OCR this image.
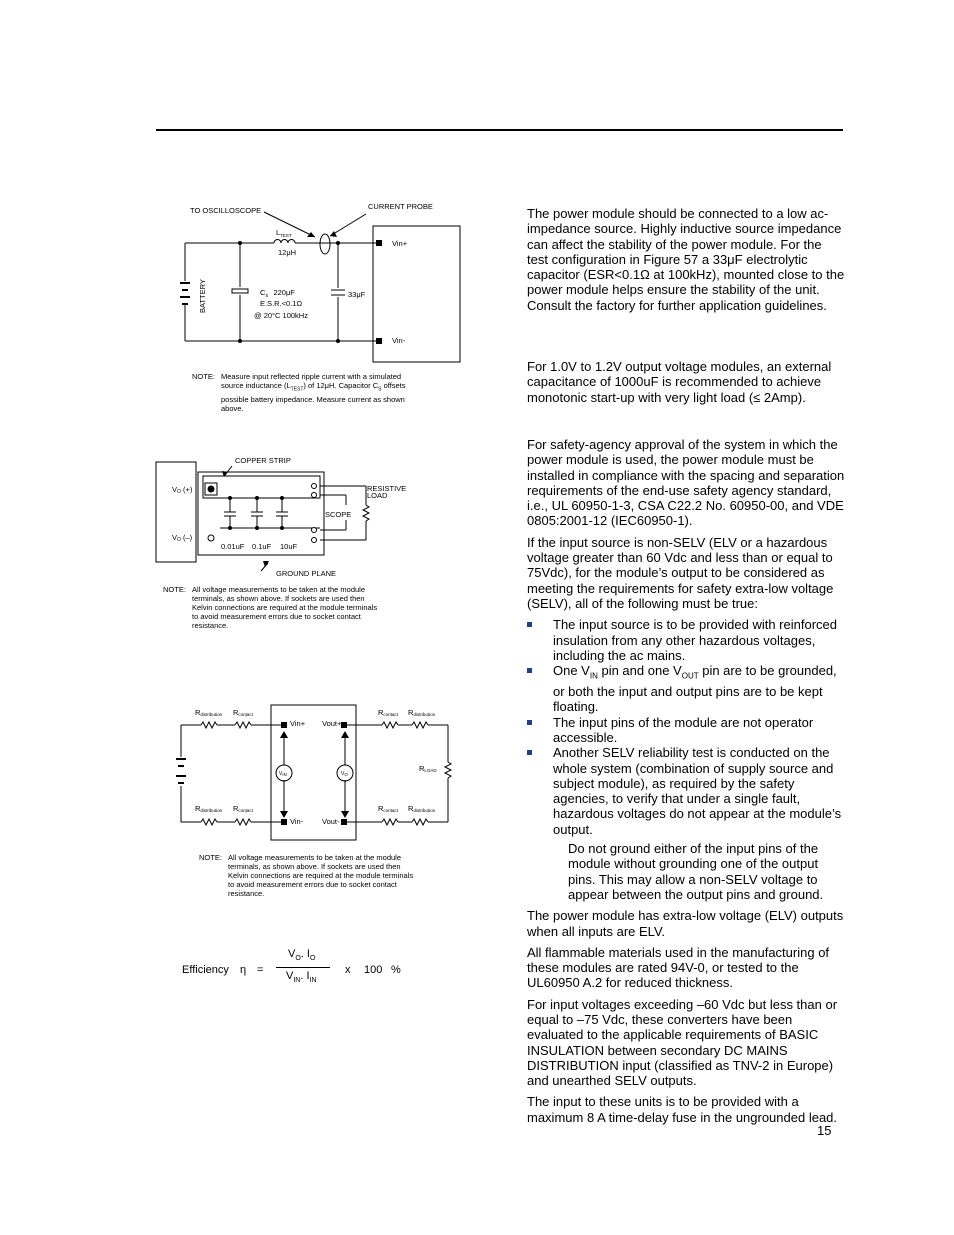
TO OSCILLOSCOPE	CURRENT PROBE
$L_{TEST}$
12μH
Vin+
Vin-
BATTERY	$C_S$ 220μF
E.S.R.<0.1Ω
@ 20°C 100kHz
33μF
COPPER STRIP
VO (+)
VO (–)
RESISTIVE
LOAD
SCOPE
0.01uF 0.1uF 10uF
GROUND PLANE
Rdistribution Rcontact	Rcontact Rdistribution
Rdistribution Rcontact	Rcontact Rdistribution
Vin+
Vin-
Vout+
Vout-
VIN	VO
RLOAD
NOTE: Measure input reflected ripple current with a simulated
source inductance $(L_{TEST})$ of 12μH. Capacitor $C_S$ offsets
possible battery impedance. Measure current as shown
above.
NOTE: All voltage measurements to be taken at the module
terminals, as shown above. If sockets are used then
Kelvin connections are required at the module terminals
to avoid measurement errors due to socket contact
resistance.
NOTE: All voltage measurements to be taken at the module
terminals, as shown above. If sockets are used then
Kelvin connections are required at the module terminals
to avoid measurement errors due to socket contact
resistance.
Efficiency η =
$V_O$. $I_O$
$V_{IN}$. $I_{IN}$
x 100 %

The power module should be connected to a low ac-impedance source. Highly inductive source impedance can affect the stability of the power module. For the test configuration in Figure 57 a 33μF electrolytic capacitor (ESR<0.1Ω at 100kHz), mounted close to the power module helps ensure the stability of the unit. Consult the factory for further application guidelines.

For 1.0V to 1.2V output voltage modules, an external capacitance of 1000uF is recommended to achieve monotonic start-up with very light load (≤ 2Amp).

For safety-agency approval of the system in which the power module is used, the power module must be installed in compliance with the spacing and separation requirements of the end-use safety agency standard, i.e., UL 60950-1-3, CSA C22.2 No. 60950-00, and VDE 0805:2001-12 (IEC60950-1).

If the input source is non-SELV (ELV or a hazardous voltage greater than 60 Vdc and less than or equal to 75Vdc), for the module’s output to be considered as meeting the requirements for safety extra-low voltage (SELV), all of the following must be true:

The input source is to be provided with reinforced insulation from any other hazardous voltages, including the ac mains.
One $V_{IN}$ pin and one $V_{OUT}$ pin are to be grounded, or both the input and output pins are to be kept floating.
The input pins of the module are not operator accessible.
Another SELV reliability test is conducted on the whole system (combination of supply source and subject module), as required by the safety agencies, to verify that under a single fault, hazardous voltages do not appear at the module’s output.

Do not ground either of the input pins of the module without grounding one of the output pins. This may allow a non-SELV voltage to appear between the output pins and ground.

The power module has extra-low voltage (ELV) outputs when all inputs are ELV.

All flammable materials used in the manufacturing of these modules are rated 94V-0, or tested to the UL60950 A.2 for reduced thickness.

For input voltages exceeding –60 Vdc but less than or equal to –75 Vdc, these converters have been evaluated to the applicable requirements of BASIC INSULATION between secondary DC MAINS DISTRIBUTION input (classified as TNV-2 in Europe) and unearthed SELV outputs.

The input to these units is to be provided with a maximum 8 A time-delay fuse in the ungrounded lead.

15
